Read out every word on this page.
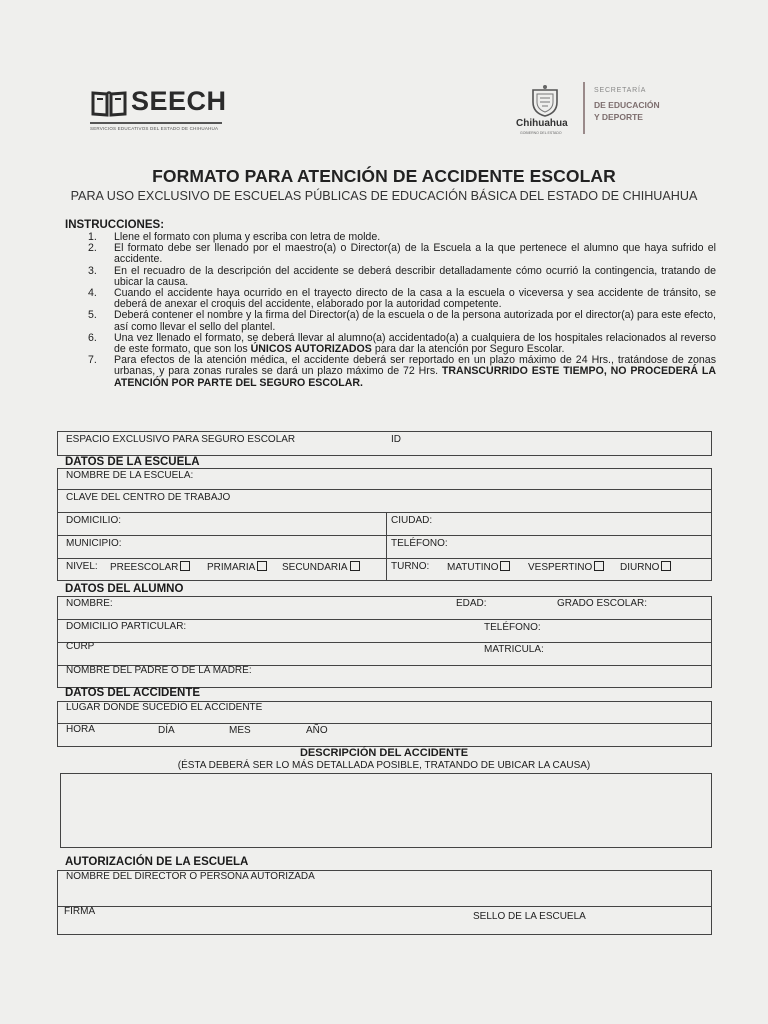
SEECH
SERVICIOS EDUCATIVOS DEL ESTADO DE CHIHUAHUA	Chihuahua
GOBIERNO DEL ESTADO
SECRETARÍA
DE EDUCACIÓN
Y DEPORTE
FORMATO PARA ATENCIÓN DE ACCIDENTE ESCOLAR
PARA USO EXCLUSIVO DE ESCUELAS PÚBLICAS DE EDUCACIÓN BÁSICA DEL ESTADO DE CHIHUAHUA
INSTRUCCIONES:
1.	Llene el formato con pluma y escriba con letra de molde.
2.	El formato debe ser llenado por el maestro(a) o Director(a) de la Escuela a la que pertenece el alumno que haya sufrido el accidente.
3.	En el recuadro de la descripción del accidente se deberá describir detalladamente cómo ocurrió la contingencia, tratando de ubicar la causa.
4.	Cuando el accidente haya ocurrido en el trayecto directo de la casa a la escuela o viceversa y sea accidente de tránsito, se deberá de anexar el croquis del accidente, elaborado por la autoridad competente.
5.	Deberá contener el nombre y la firma del Director(a) de la escuela o de la persona autorizada por el director(a) para este efecto, así como llevar el sello del plantel.
6.	Una vez llenado el formato, se deberá llevar al alumno(a) accidentado(a) a cualquiera de los hospitales relacionados al reverso de este formato, que son los ÚNICOS AUTORIZADOS para dar la atención por Seguro Escolar.
7.	Para efectos de la atención médica, el accidente deberá ser reportado en un plazo máximo de 24 Hrs., tratándose de zonas urbanas, y para zonas rurales se dará un plazo máximo de 72 Hrs. TRANSCURRIDO ESTE TIEMPO, NO PROCEDERÁ LA ATENCIÓN POR PARTE DEL SEGURO ESCOLAR.
ESPACIO EXCLUSIVO PARA SEGURO ESCOLAR	ID
DATOS DE LA ESCUELA
NOMBRE DE LA ESCUELA:
CLAVE DEL CENTRO DE TRABAJO
DOMICILIO:	CIUDAD:
MUNICIPIO:	TELÉFONO:
NIVEL: PREESCOLAR	PRIMARIA	SECUNDARIA	TURNO: MATUTINO	VESPERTINO	DIURNO
DATOS DEL ALUMNO
NOMBRE:	EDAD:	GRADO ESCOLAR:
DOMICILIO PARTICULAR:	TELÉFONO:
CURP	MATRICULA:
NOMBRE DEL PADRE O DE LA MADRE:
DATOS DEL ACCIDENTE
LUGAR DONDE SUCEDIÓ EL ACCIDENTE
HORA	DÍA	MES	AÑO
DESCRIPCIÓN DEL ACCIDENTE
(ÉSTA DEBERÁ SER LO MÁS DETALLADA POSIBLE, TRATANDO DE UBICAR LA CAUSA)
AUTORIZACIÓN DE LA ESCUELA
NOMBRE DEL DIRECTOR O PERSONA AUTORIZADA
FIRMA	SELLO DE LA ESCUELA
